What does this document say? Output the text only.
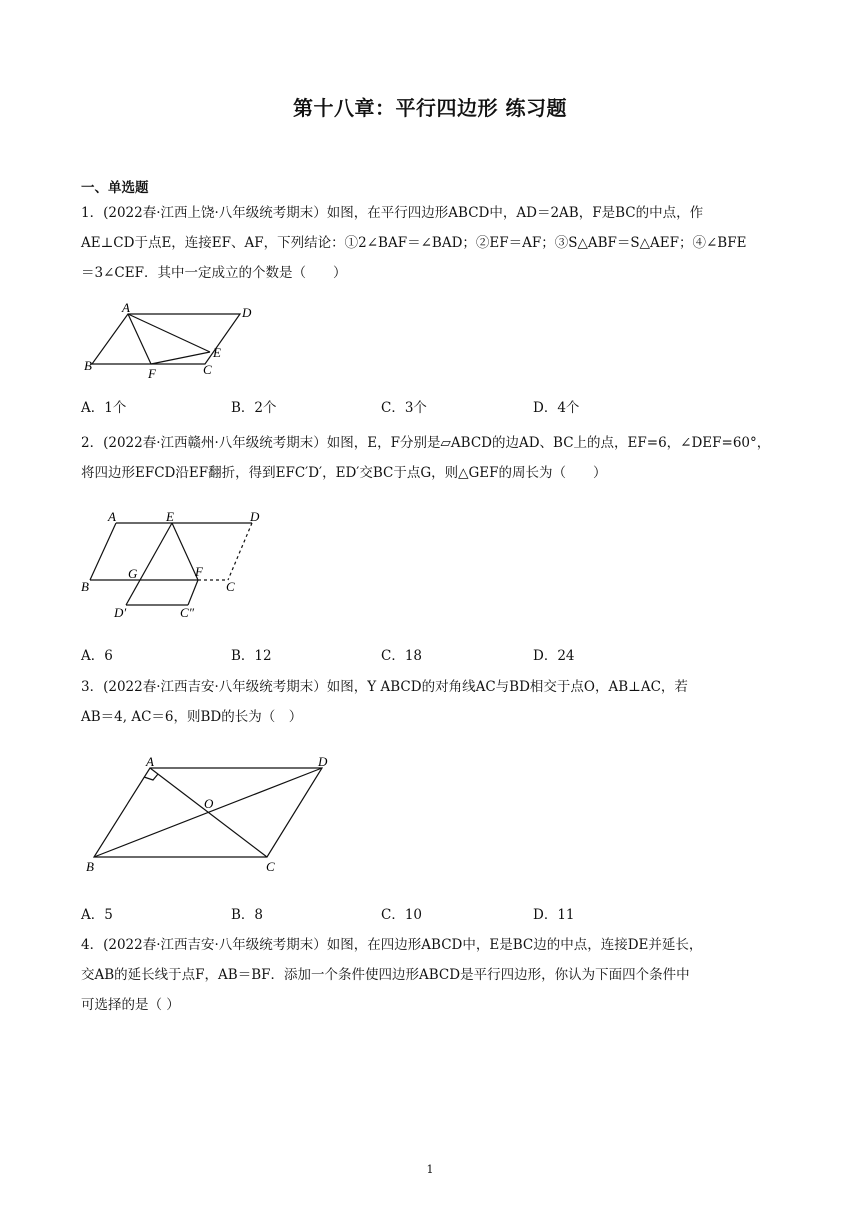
第十八章：平行四边形 练习题
一、单选题
1．(2022春·江西上饶·八年级统考期末）如图，在平行四边形ABCD中，AD＝2AB，F是BC的中点，作
AE⊥CD于点E，连接EF、AF，下列结论：①2∠BAF＝∠BAD；②EF＝AF；③S△ABF＝S△AEF；④∠BFE
＝3∠CEF．其中一定成立的个数是（　　）
A	D
B
F	C
E
A．1个	B．2个	C．3个	D．4个
2．(2022春·江西赣州·八年级统考期末）如图，E，F分别是▱ABCD的边AD、BC上的点，EF=6，∠DEF=60°，
将四边形EFCD沿EF翻折，得到EFC′D′，ED′交BC于点G，则△GEF的周长为（　　）
A	E	D
B
G	F
C
D′	C″
A．6	B．12	C．18	D．24
3．(2022春·江西吉安·八年级统考期末）如图，Y ABCD的对角线AC与BD相交于点O，AB⊥AC，若
AB＝4, AC＝6，则BD的长为（　）
A	D
O
B	C
A．5	B．8	C．10	D．11
4．(2022春·江西吉安·八年级统考期末）如图，在四边形ABCD中，E是BC边的中点，连接DE并延长，
交AB的延长线于点F，AB＝BF．添加一个条件使四边形ABCD是平行四边形，你认为下面四个条件中
可选择的是（ ）
1
